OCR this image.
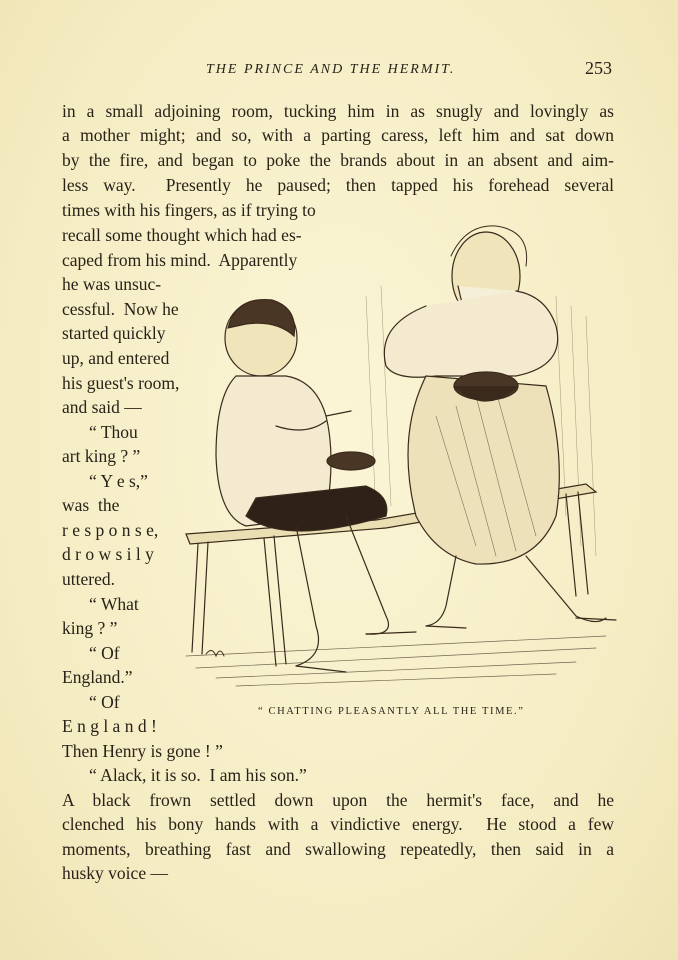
THE PRINCE AND THE HERMIT.	253
in a small adjoining room, tucking him in as snugly and lovingly as
a mother might; and so, with a parting caress, left him and sat down
by the fire, and began to poke the brands about in an absent and aim-
less way.  Presently he paused; then tapped his forehead several
times with his fingers, as if trying to
recall some thought which had es-
caped from his mind.  Apparently
he was unsuc-
cessful.  Now he
started quickly
up, and entered
his guest's room,
and said —
“ Thou
art king ? ”
“ Y e s,”
was  the
r e s p o n s e,
d r o w s i l y
uttered.
“ What
king ? ”
“ Of
England.”
“ Of
E n g l a n d !
Then Henry is gone ! ”
“ Alack, it is so.  I am his son.”
“ CHATTING PLEASANTLY ALL THE TIME.”
A black frown settled down upon the hermit's face, and he
clenched his bony hands with a vindictive energy.  He stood a few
moments, breathing fast and swallowing repeatedly, then said in a
husky voice —
